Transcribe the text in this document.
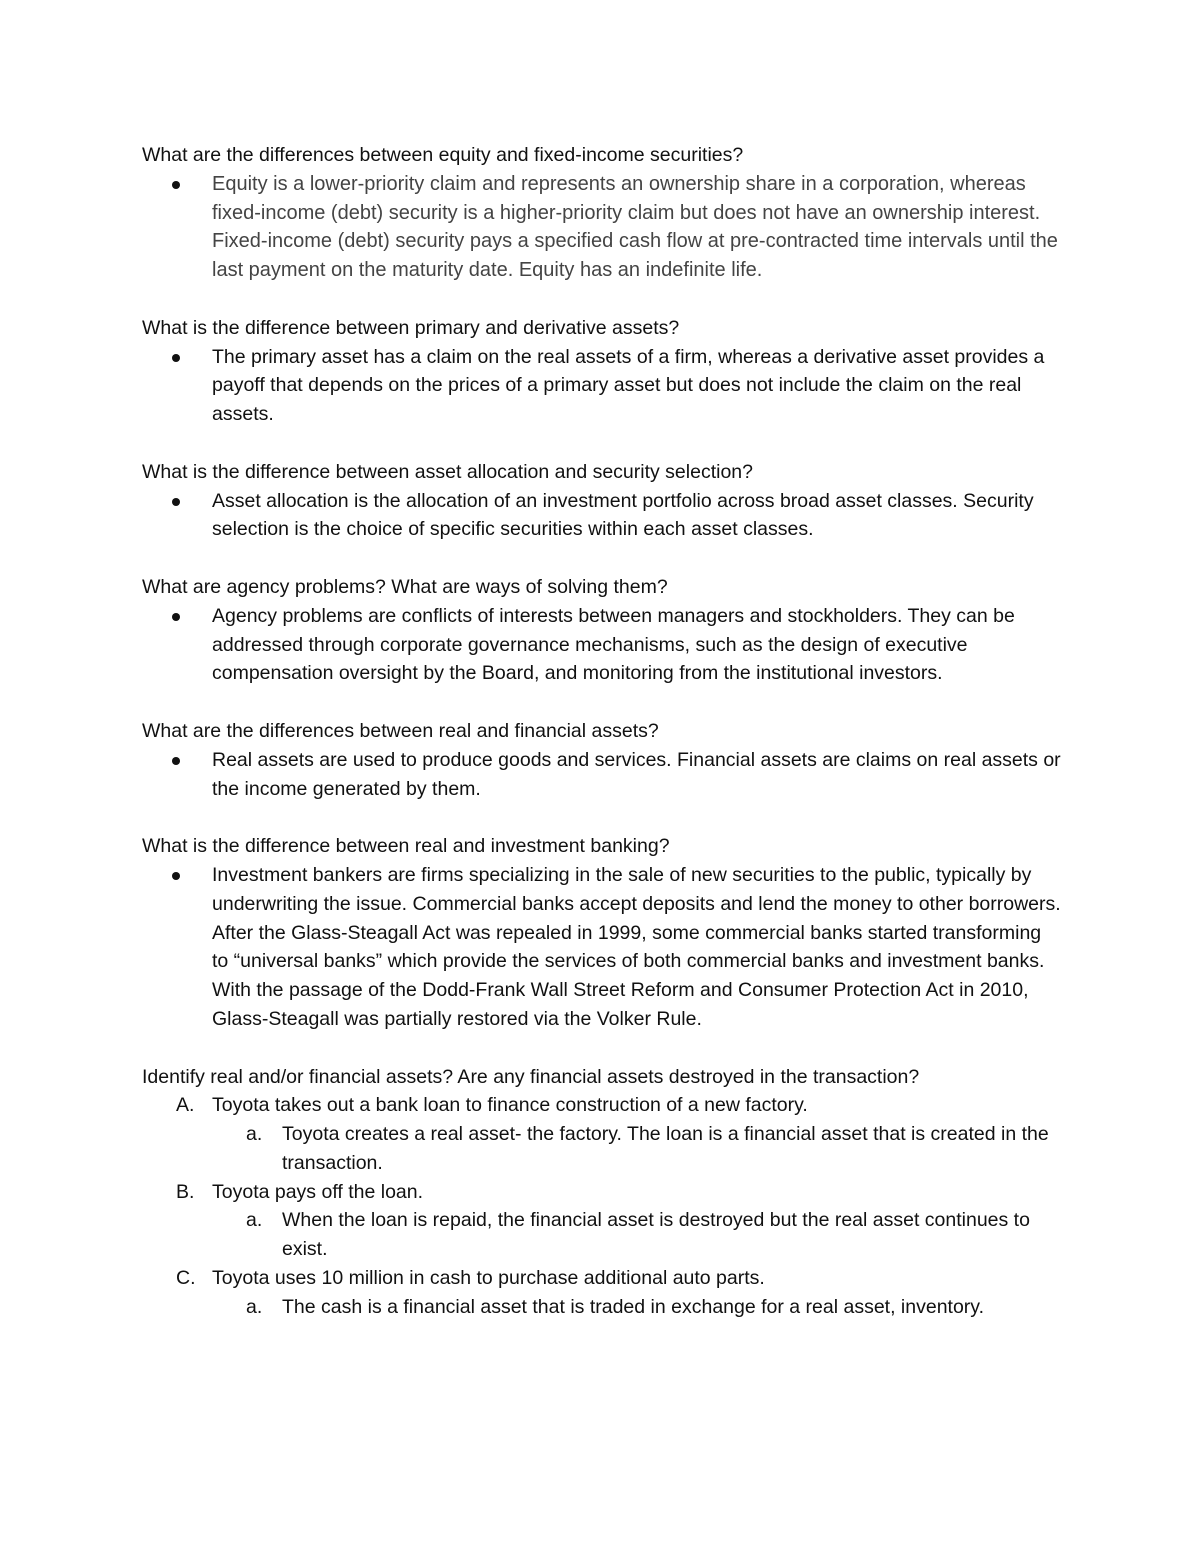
What are the differences between equity and fixed-income securities?

Equity is a lower-priority claim and represents an ownership share in a corporation, whereas fixed-income (debt) security is a higher-priority claim but does not have an ownership interest. Fixed-income (debt) security pays a specified cash flow at pre-contracted time intervals until the last payment on the maturity date. Equity has an indefinite life.

What is the difference between primary and derivative assets?

The primary asset has a claim on the real assets of a firm, whereas a derivative asset provides a payoff that depends on the prices of a primary asset but does not include the claim on the real assets.

What is the difference between asset allocation and security selection?

Asset allocation is the allocation of an investment portfolio across broad asset classes. Security selection is the choice of specific securities within each asset classes.

What are agency problems? What are ways of solving them?

Agency problems are conflicts of interests between managers and stockholders. They can be addressed through corporate governance mechanisms, such as the design of executive compensation oversight by the Board, and monitoring from the institutional investors.

What are the differences between real and financial assets?

Real assets are used to produce goods and services. Financial assets are claims on real assets or the income generated by them.

What is the difference between real and investment banking?

Investment bankers are firms specializing in the sale of new securities to the public, typically by underwriting the issue. Commercial banks accept deposits and lend the money to other borrowers. After the Glass-Steagall Act was repealed in 1999, some commercial banks started transforming to “universal banks” which provide the services of both commercial banks and investment banks. With the passage of the Dodd-Frank Wall Street Reform and Consumer Protection Act in 2010, Glass-Steagall was partially restored via the Volker Rule.

Identify real and/or financial assets? Are any financial assets destroyed in the transaction?

A. Toyota takes out a bank loan to finance construction of a new factory.
a. Toyota creates a real asset- the factory. The loan is a financial asset that is created in the transaction.
B. Toyota pays off the loan.
a. When the loan is repaid, the financial asset is destroyed but the real asset continues to exist.
C. Toyota uses 10 million in cash to purchase additional auto parts.
a. The cash is a financial asset that is traded in exchange for a real asset, inventory.
